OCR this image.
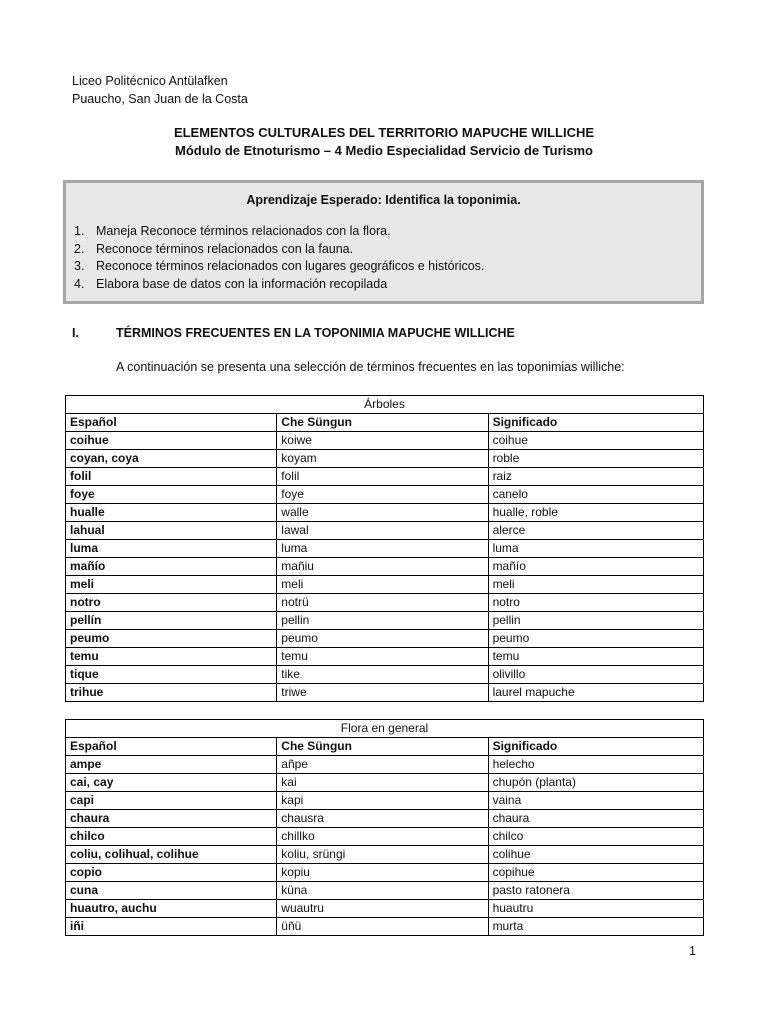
Liceo Politécnico Antülafken
Puaucho, San Juan de la Costa
ELEMENTOS CULTURALES DEL TERRITORIO MAPUCHE WILLICHE
Módulo de Etnoturismo – 4 Medio Especialidad Servicio de Turismo
Aprendizaje Esperado: Identifica la toponimia.
1. Maneja Reconoce términos relacionados con la flora.
2. Reconoce términos relacionados con la fauna.
3. Reconoce términos relacionados con lugares geográficos e históricos.
4. Elabora base de datos con la información recopilada
I.	TÉRMINOS FRECUENTES EN LA TOPONIMIA MAPUCHE WILLICHE
A continuación se presenta una selección de términos frecuentes en las toponimias williche:
Árboles		
Español	Che Süngun	Significado
coihue	koiwe	coihue
coyan, coya	koyam	roble
folil	folil	raiz
foye	foye	canelo
hualle	walle	hualle, roble
lahual	lawal	alerce
luma	luma	luma
mañío	mañiu	mañío
meli	meli	meli
notro	notrü	notro
pellín	pellin	pellin
peumo	peumo	peumo
temu	temu	temu
tique	tike	olivillo
trihue	triwe	laurel mapuche
Flora en general		
Español	Che Süngun	Significado
ampe	añpe	helecho
cai, cay	kai	chupón (planta)
capi	kapi	vaina
chaura	chausra	chaura
chilco	chillko	chilco
coliu, colihual, colihue	koliu, srüngi	colihue
copio	kopiu	copihue
cuna	küna	pasto ratonera
huautro, auchu	wuautru	huautru
iñi	üñü	murta
1
